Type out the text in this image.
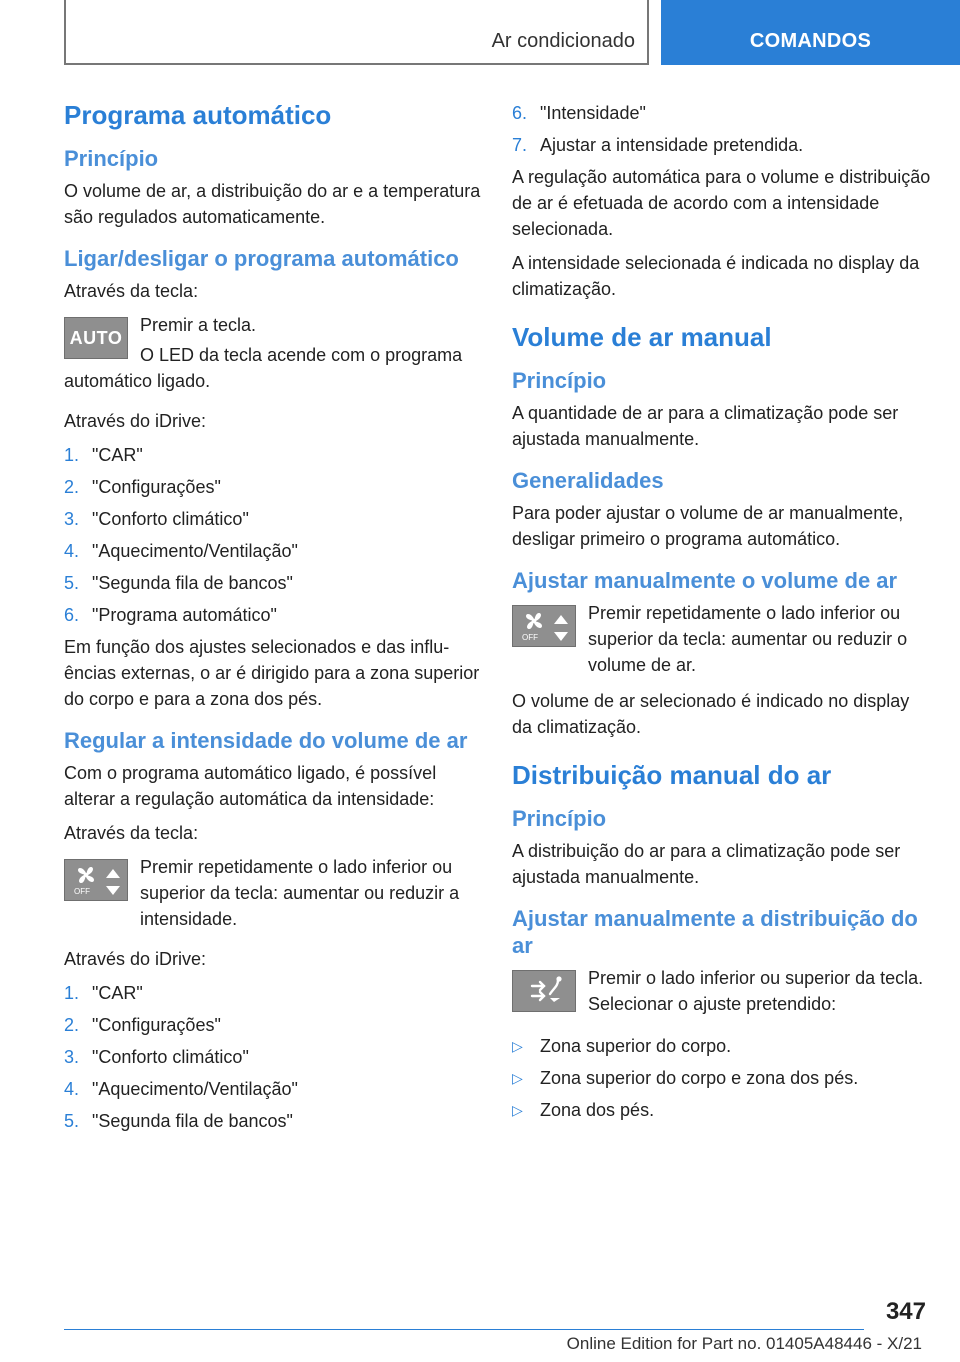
Ar condicionado	COMANDOS
Programa automático
Princípio

O volume de ar, a distribuição do ar e a temperatura são regulados automaticamente.

Ligar/desligar o programa automático

Através da tecla:

AUTO

Premir a tecla.

O LED da tecla acende com o programa automático ligado.

Através do iDrive:

1. "CAR"
2. "Configurações"
3. "Conforto climático"
4. "Aquecimento/Ventilação"
5. "Segunda fila de bancos"
6. "Programa automático"

Em função dos ajustes selecionados e das influências externas, o ar é dirigido para a zona superior do corpo e para a zona dos pés.

Regular a intensidade do volume de ar

Com o programa automático ligado, é possível alterar a regulação automática da intensidade:

Através da tecla:

OFF

Premir repetidamente o lado inferior ou superior da tecla: aumentar ou reduzir a intensidade.

Através do iDrive:

1. "CAR"
2. "Configurações"
3. "Conforto climático"
4. "Aquecimento/Ventilação"
5. "Segunda fila de bancos"
6. "Intensidade"
7. Ajustar a intensidade pretendida.

A regulação automática para o volume e distribuição de ar é efetuada de acordo com a intensidade selecionada.

A intensidade selecionada é indicada no display da climatização.

Volume de ar manual
Princípio

A quantidade de ar para a climatização pode ser ajustada manualmente.

Generalidades

Para poder ajustar o volume de ar manualmente, desligar primeiro o programa automático.

Ajustar manualmente o volume de ar
OFF

Premir repetidamente o lado inferior ou superior da tecla: aumentar ou reduzir o volume de ar.

O volume de ar selecionado é indicado no display da climatização.

Distribuição manual do ar
Princípio

A distribuição do ar para a climatização pode ser ajustada manualmente.

Ajustar manualmente a distribuição do ar

Premir o lado inferior ou superior da tecla. Selecionar o ajuste pretendido:

▷ Zona superior do corpo.
▷ Zona superior do corpo e zona dos pés.
▷ Zona dos pés.
347
Online Edition for Part no. 01405A48446 - X/21
